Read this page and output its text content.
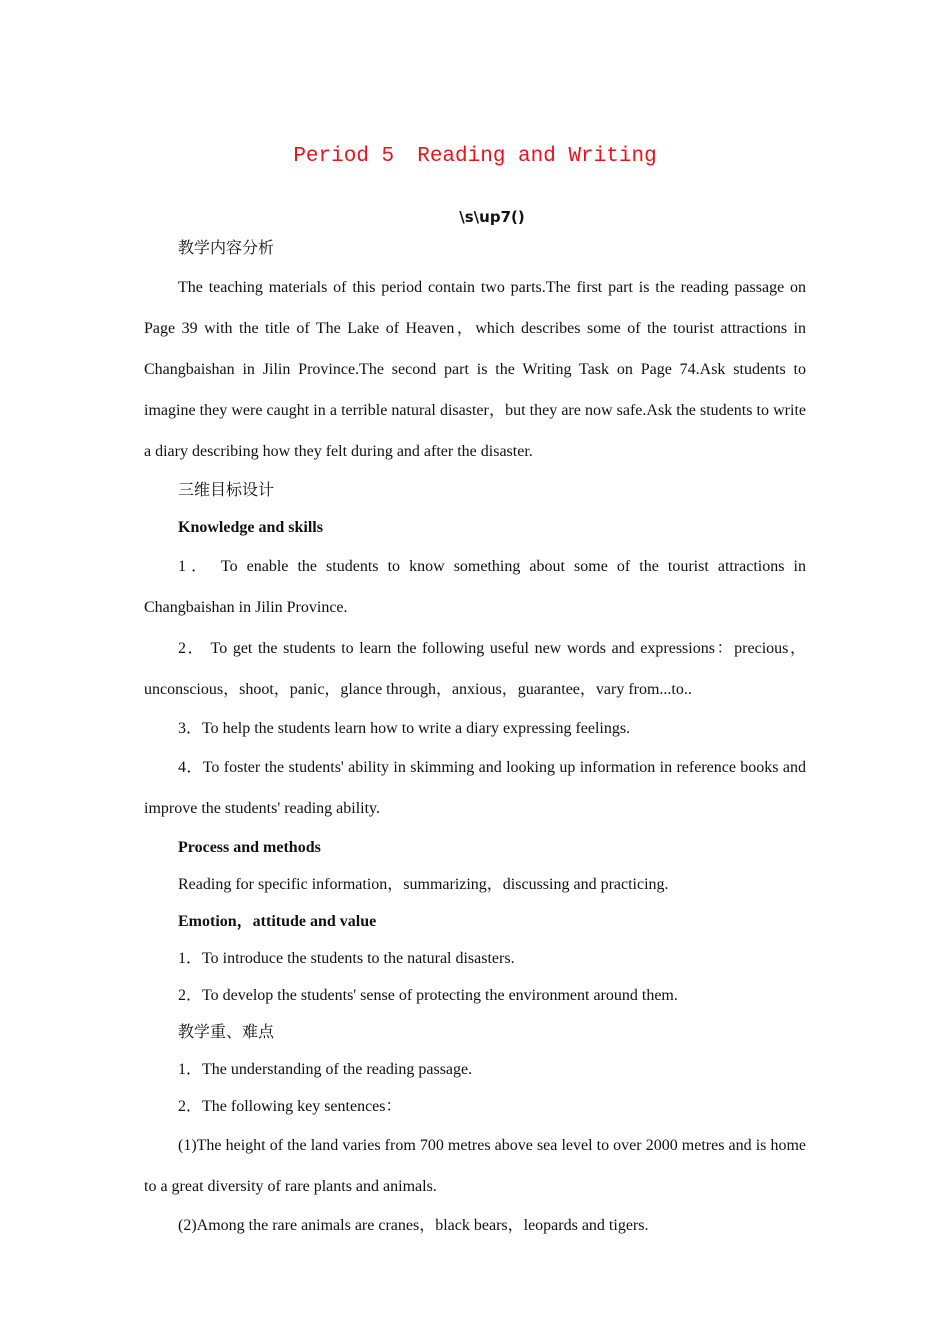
Period 5  Reading and Writing
\s\up7()

教学内容分析

The teaching materials of this period contain two parts.The first part is the reading passage on Page 39 with the title of The Lake of Heaven，which describes some of the tourist attractions in Changbaishan in Jilin Province.The second part is the Writing Task on Page 74.Ask students to imagine they were caught in a terrible natural disaster，but they are now safe.Ask the students to write a diary describing how they felt during and after the disaster.

三维目标设计

Knowledge and skills

1． To enable the students to know something about some of the tourist attractions in Changbaishan in Jilin Province.

2． To get the students to learn the following useful new words and expressions：precious，unconscious，shoot，panic，glance through，anxious，guarantee，vary from...to..

3．To help the students learn how to write a diary expressing feelings.

4．To foster the students' ability in skimming and looking up information in reference books and improve the students' reading ability.

Process and methods

Reading for specific information，summarizing，discussing and practicing.

Emotion，attitude and value

1．To introduce the students to the natural disasters.

2．To develop the students' sense of protecting the environment around them.

教学重、难点

1．The understanding of the reading passage.

2．The following key sentences：

(1)The height of the land varies from 700 metres above sea level to over 2000 metres and is home to a great diversity of rare plants and animals.

(2)Among the rare animals are cranes，black bears，leopards and tigers.
